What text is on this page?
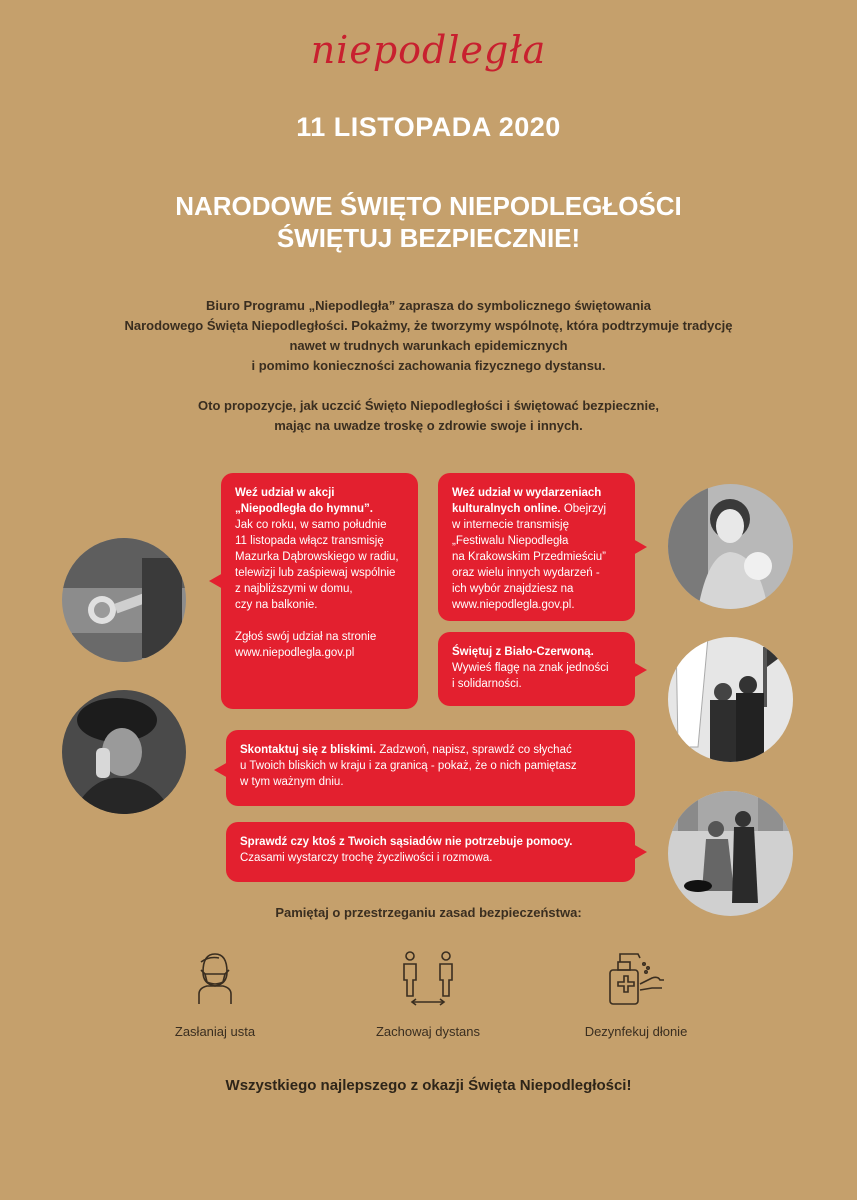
niepodległa
11 LISTOPADA 2020
NARODOWE ŚWIĘTO NIEPODLEGŁOŚCI
ŚWIĘTUJ BEZPIECZNIE!
Biuro Programu „Niepodległa” zaprasza do symbolicznego świętowania
Narodowego Święta Niepodległości. Pokażmy, że tworzymy wspólnotę, która podtrzymuje tradycję
nawet w trudnych warunkach epidemicznych
i pomimo konieczności zachowania fizycznego dystansu.
Oto propozycje, jak uczcić Święto Niepodległości i świętować bezpiecznie,
mając na uwadze troskę o zdrowie swoje i innych.
Weź udział w akcji
„Niepodległa do hymnu”.
Jak co roku, w samo południe
11 listopada włącz transmisję
Mazurka Dąbrowskiego w radiu,
telewizji lub zaśpiewaj wspólnie
z najbliższymi w domu,
czy na balkonie.
Zgłoś swój udział na stronie
www.niepodlegla.gov.pl
Weź udział w wydarzeniach
kulturalnych online. Obejrzyj
w internecie transmisję
„Festiwalu Niepodległa
na Krakowskim Przedmieściu”
oraz wielu innych wydarzeń -
ich wybór znajdziesz na
www.niepodlegla.gov.pl.
Świętuj z Biało-Czerwoną.
Wywieś flagę na znak jedności
i solidarności.
Skontaktuj się z bliskimi. Zadzwoń, napisz, sprawdź co słychać
u Twoich bliskich w kraju i za granicą - pokaż, że o nich pamiętasz
w tym ważnym dniu.
Sprawdź czy ktoś z Twoich sąsiadów nie potrzebuje pomocy.
Czasami wystarczy trochę życzliwości i rozmowa.
Pamiętaj o przestrzeganiu zasad bezpieczeństwa:
Zasłaniaj usta	Zachowaj dystans	Dezynfekuj dłonie
Wszystkiego najlepszego z okazji Święta Niepodległości!
